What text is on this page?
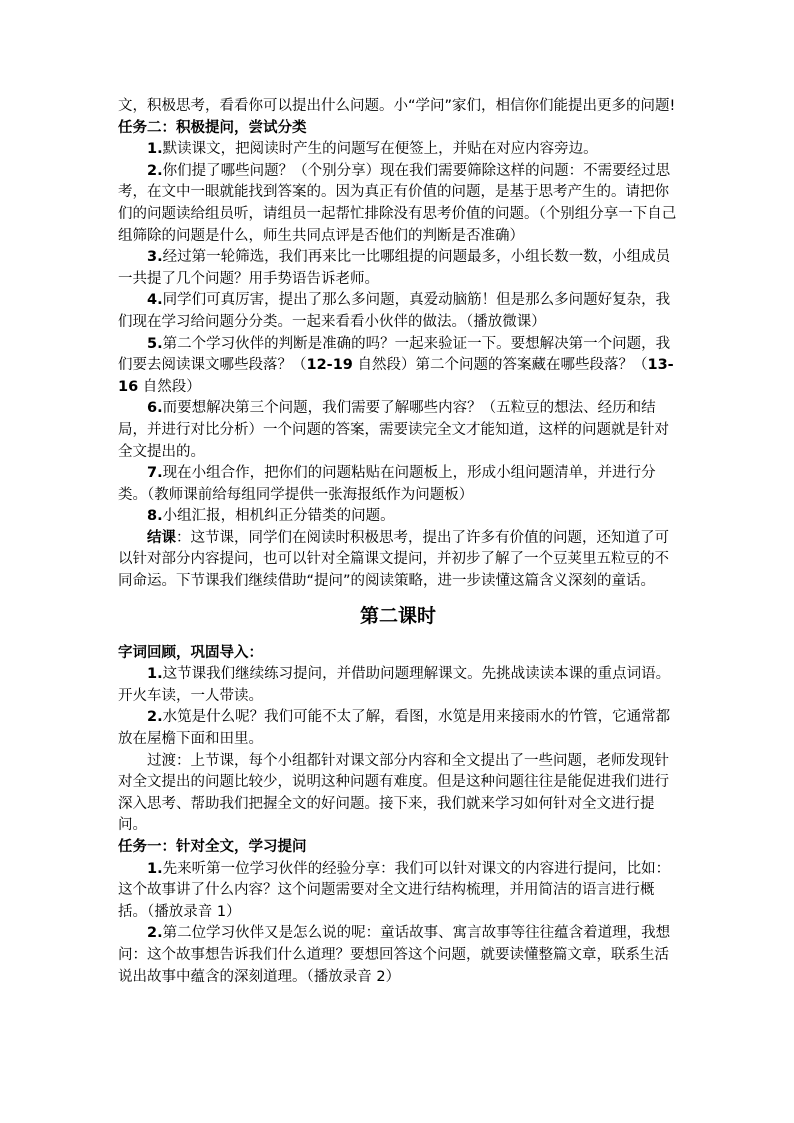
文，积极思考，看看你可以提出什么问题。小“学问”家们，相信你们能提出更多的问题!

任务二：积极提问，尝试分类

1.默读课文，把阅读时产生的问题写在便签上，并贴在对应内容旁边。

2.你们提了哪些问题？（个别分享）现在我们需要筛除这样的问题：不需要经过思考，在文中一眼就能找到答案的。因为真正有价值的问题，是基于思考产生的。请把你们的问题读给组员听，请组员一起帮忙排除没有思考价值的问题。（个别组分享一下自己组筛除的问题是什么，师生共同点评是否他们的判断是否准确）

3.经过第一轮筛选，我们再来比一比哪组提的问题最多，小组长数一数，小组成员一共提了几个问题？用手势语告诉老师。

4.同学们可真厉害，提出了那么多问题，真爱动脑筋！但是那么多问题好复杂，我们现在学习给问题分分类。一起来看看小伙伴的做法。（播放微课）

5.第二个学习伙伴的判断是准确的吗？一起来验证一下。要想解决第一个问题，我们要去阅读课文哪些段落？（12-19 自然段）第二个问题的答案藏在哪些段落？（13-16 自然段）

6.而要想解决第三个问题，我们需要了解哪些内容？（五粒豆的想法、经历和结局，并进行对比分析）一个问题的答案，需要读完全文才能知道，这样的问题就是针对全文提出的。

7.现在小组合作，把你们的问题粘贴在问题板上，形成小组问题清单，并进行分类。（教师课前给每组同学提供一张海报纸作为问题板）

8.小组汇报，相机纠正分错类的问题。

结课：这节课，同学们在阅读时积极思考，提出了许多有价值的问题，还知道了可以针对部分内容提问，也可以针对全篇课文提问，并初步了解了一个豆荚里五粒豆的不同命运。下节课我们继续借助“提问”的阅读策略，进一步读懂这篇含义深刻的童话。

第二课时

字词回顾，巩固导入：

1.这节课我们继续练习提问，并借助问题理解课文。先挑战读读本课的重点词语。开火车读，一人带读。

2.水笕是什么呢？我们可能不太了解，看图，水笕是用来接雨水的竹管，它通常都放在屋檐下面和田里。

过渡：上节课，每个小组都针对课文部分内容和全文提出了一些问题，老师发现针对全文提出的问题比较少，说明这种问题有难度。但是这种问题往往是能促进我们进行深入思考、帮助我们把握全文的好问题。接下来，我们就来学习如何针对全文进行提问。

任务一：针对全文，学习提问

1.先来听第一位学习伙伴的经验分享：我们可以针对课文的内容进行提问，比如：这个故事讲了什么内容？这个问题需要对全文进行结构梳理，并用简洁的语言进行概括。（播放录音 1）

2.第二位学习伙伴又是怎么说的呢：童话故事、寓言故事等往往蕴含着道理，我想问：这个故事想告诉我们什么道理？要想回答这个问题，就要读懂整篇文章，联系生活说出故事中蕴含的深刻道理。（播放录音 2）
